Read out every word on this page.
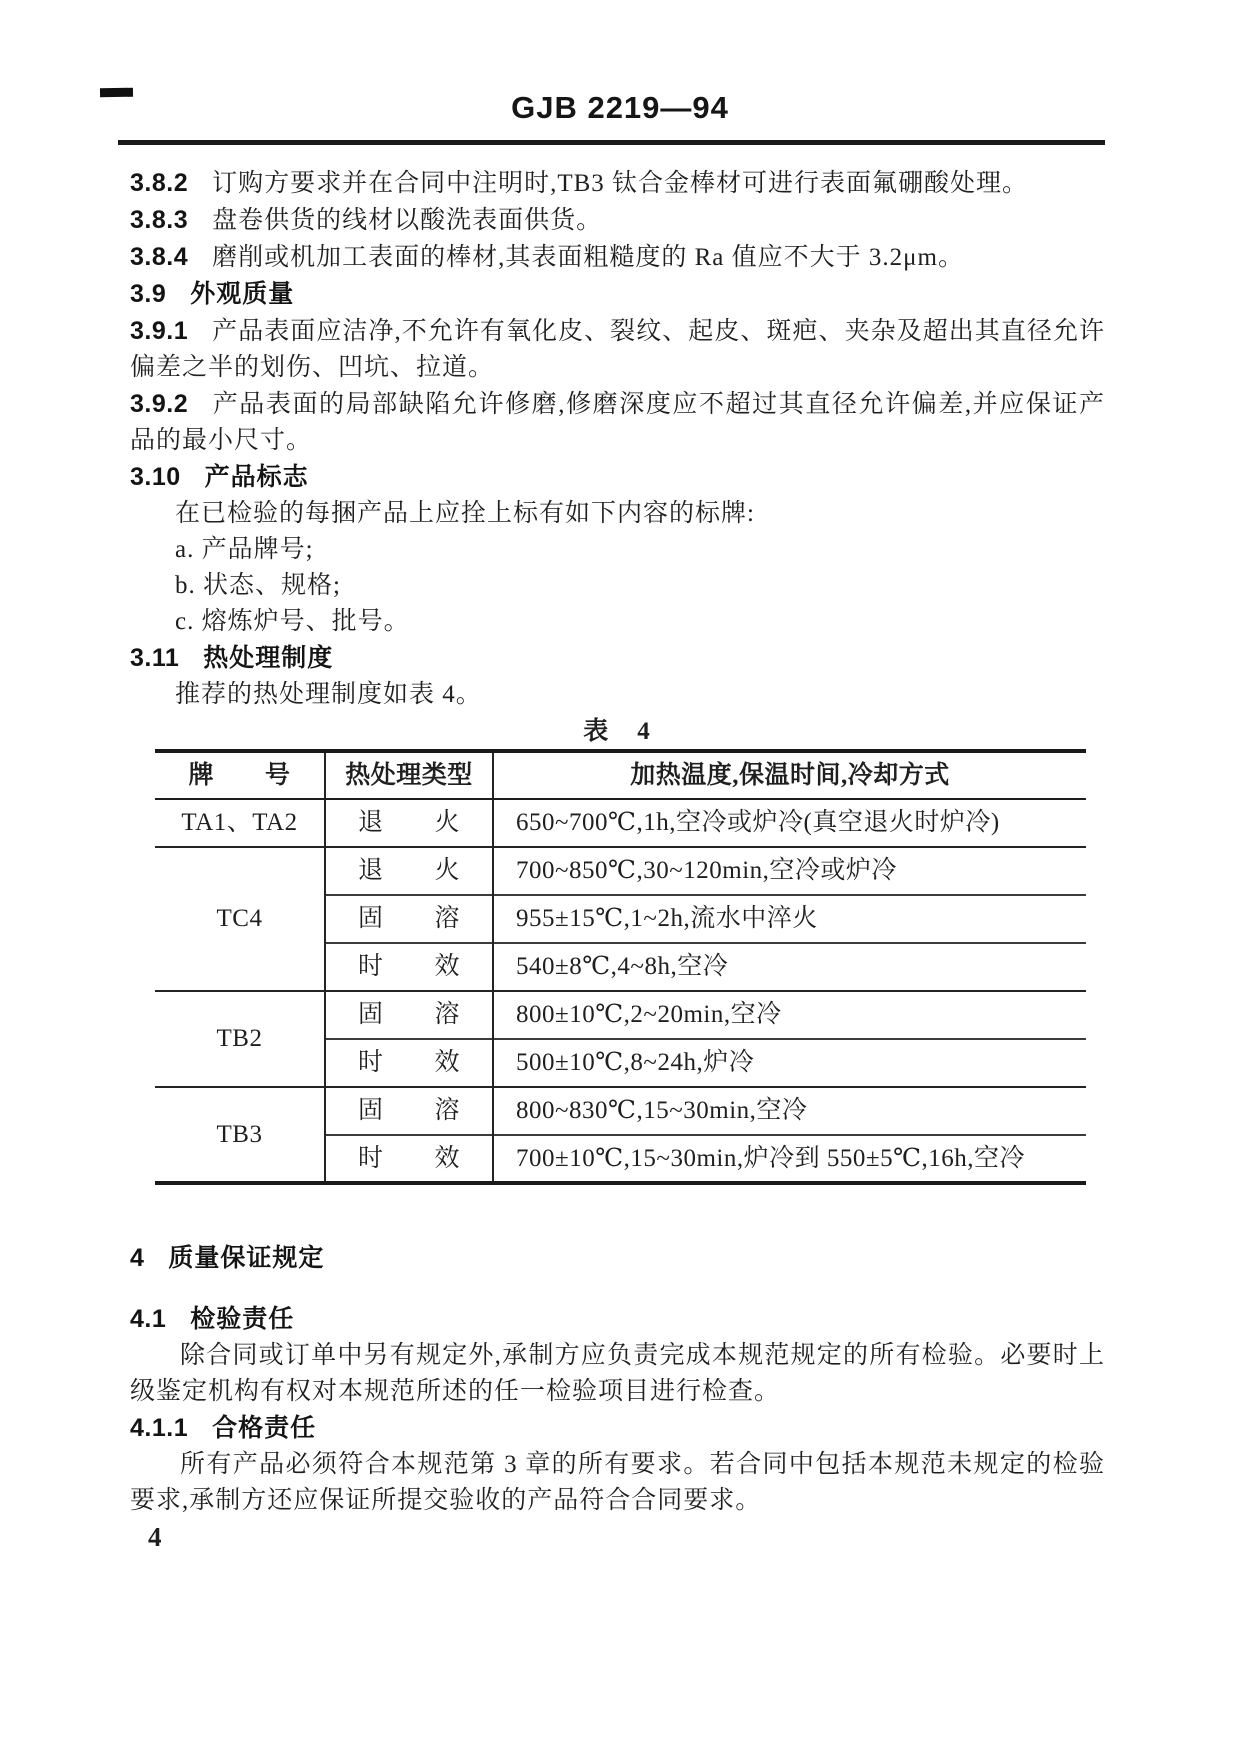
GJB 2219—94

3.8.2 订购方要求并在合同中注明时,TB3 钛合金棒材可进行表面氟硼酸处理。

3.8.3 盘卷供货的线材以酸洗表面供货。

3.8.4 磨削或机加工表面的棒材,其表面粗糙度的 Ra 值应不大于 3.2μm。

3.9 外观质量

3.9.1 产品表面应洁净,不允许有氧化皮、裂纹、起皮、斑疤、夹杂及超出其直径允许偏差之半的划伤、凹坑、拉道。

3.9.2 产品表面的局部缺陷允许修磨,修磨深度应不超过其直径允许偏差,并应保证产品的最小尺寸。

3.10 产品标志

在已检验的每捆产品上应拴上标有如下内容的标牌:

a. 产品牌号;

b. 状态、规格;

c. 熔炼炉号、批号。

3.11 热处理制度

推荐的热处理制度如表 4。

表　4
牌　　号	热处理类型	加热温度,保温时间,冷却方式
TA1、TA2	退　　火	650~700℃,1h,空冷或炉冷(真空退火时炉冷)
TC4	退　　火	700~850℃,30~120min,空冷或炉冷
	固　　溶	955±15℃,1~2h,流水中淬火
	时　　效	540±8℃,4~8h,空冷
TB2	固　　溶	800±10℃,2~20min,空冷
	时　　效	500±10℃,8~24h,炉冷
TB3	固　　溶	800~830℃,15~30min,空冷
	时　　效	700±10℃,15~30min,炉冷到 550±5℃,16h,空冷

4 质量保证规定

4.1 检验责任

除合同或订单中另有规定外,承制方应负责完成本规范规定的所有检验。必要时上级鉴定机构有权对本规范所述的任一检验项目进行检查。

4.1.1 合格责任

所有产品必须符合本规范第 3 章的所有要求。若合同中包括本规范未规定的检验要求,承制方还应保证所提交验收的产品符合合同要求。

4
